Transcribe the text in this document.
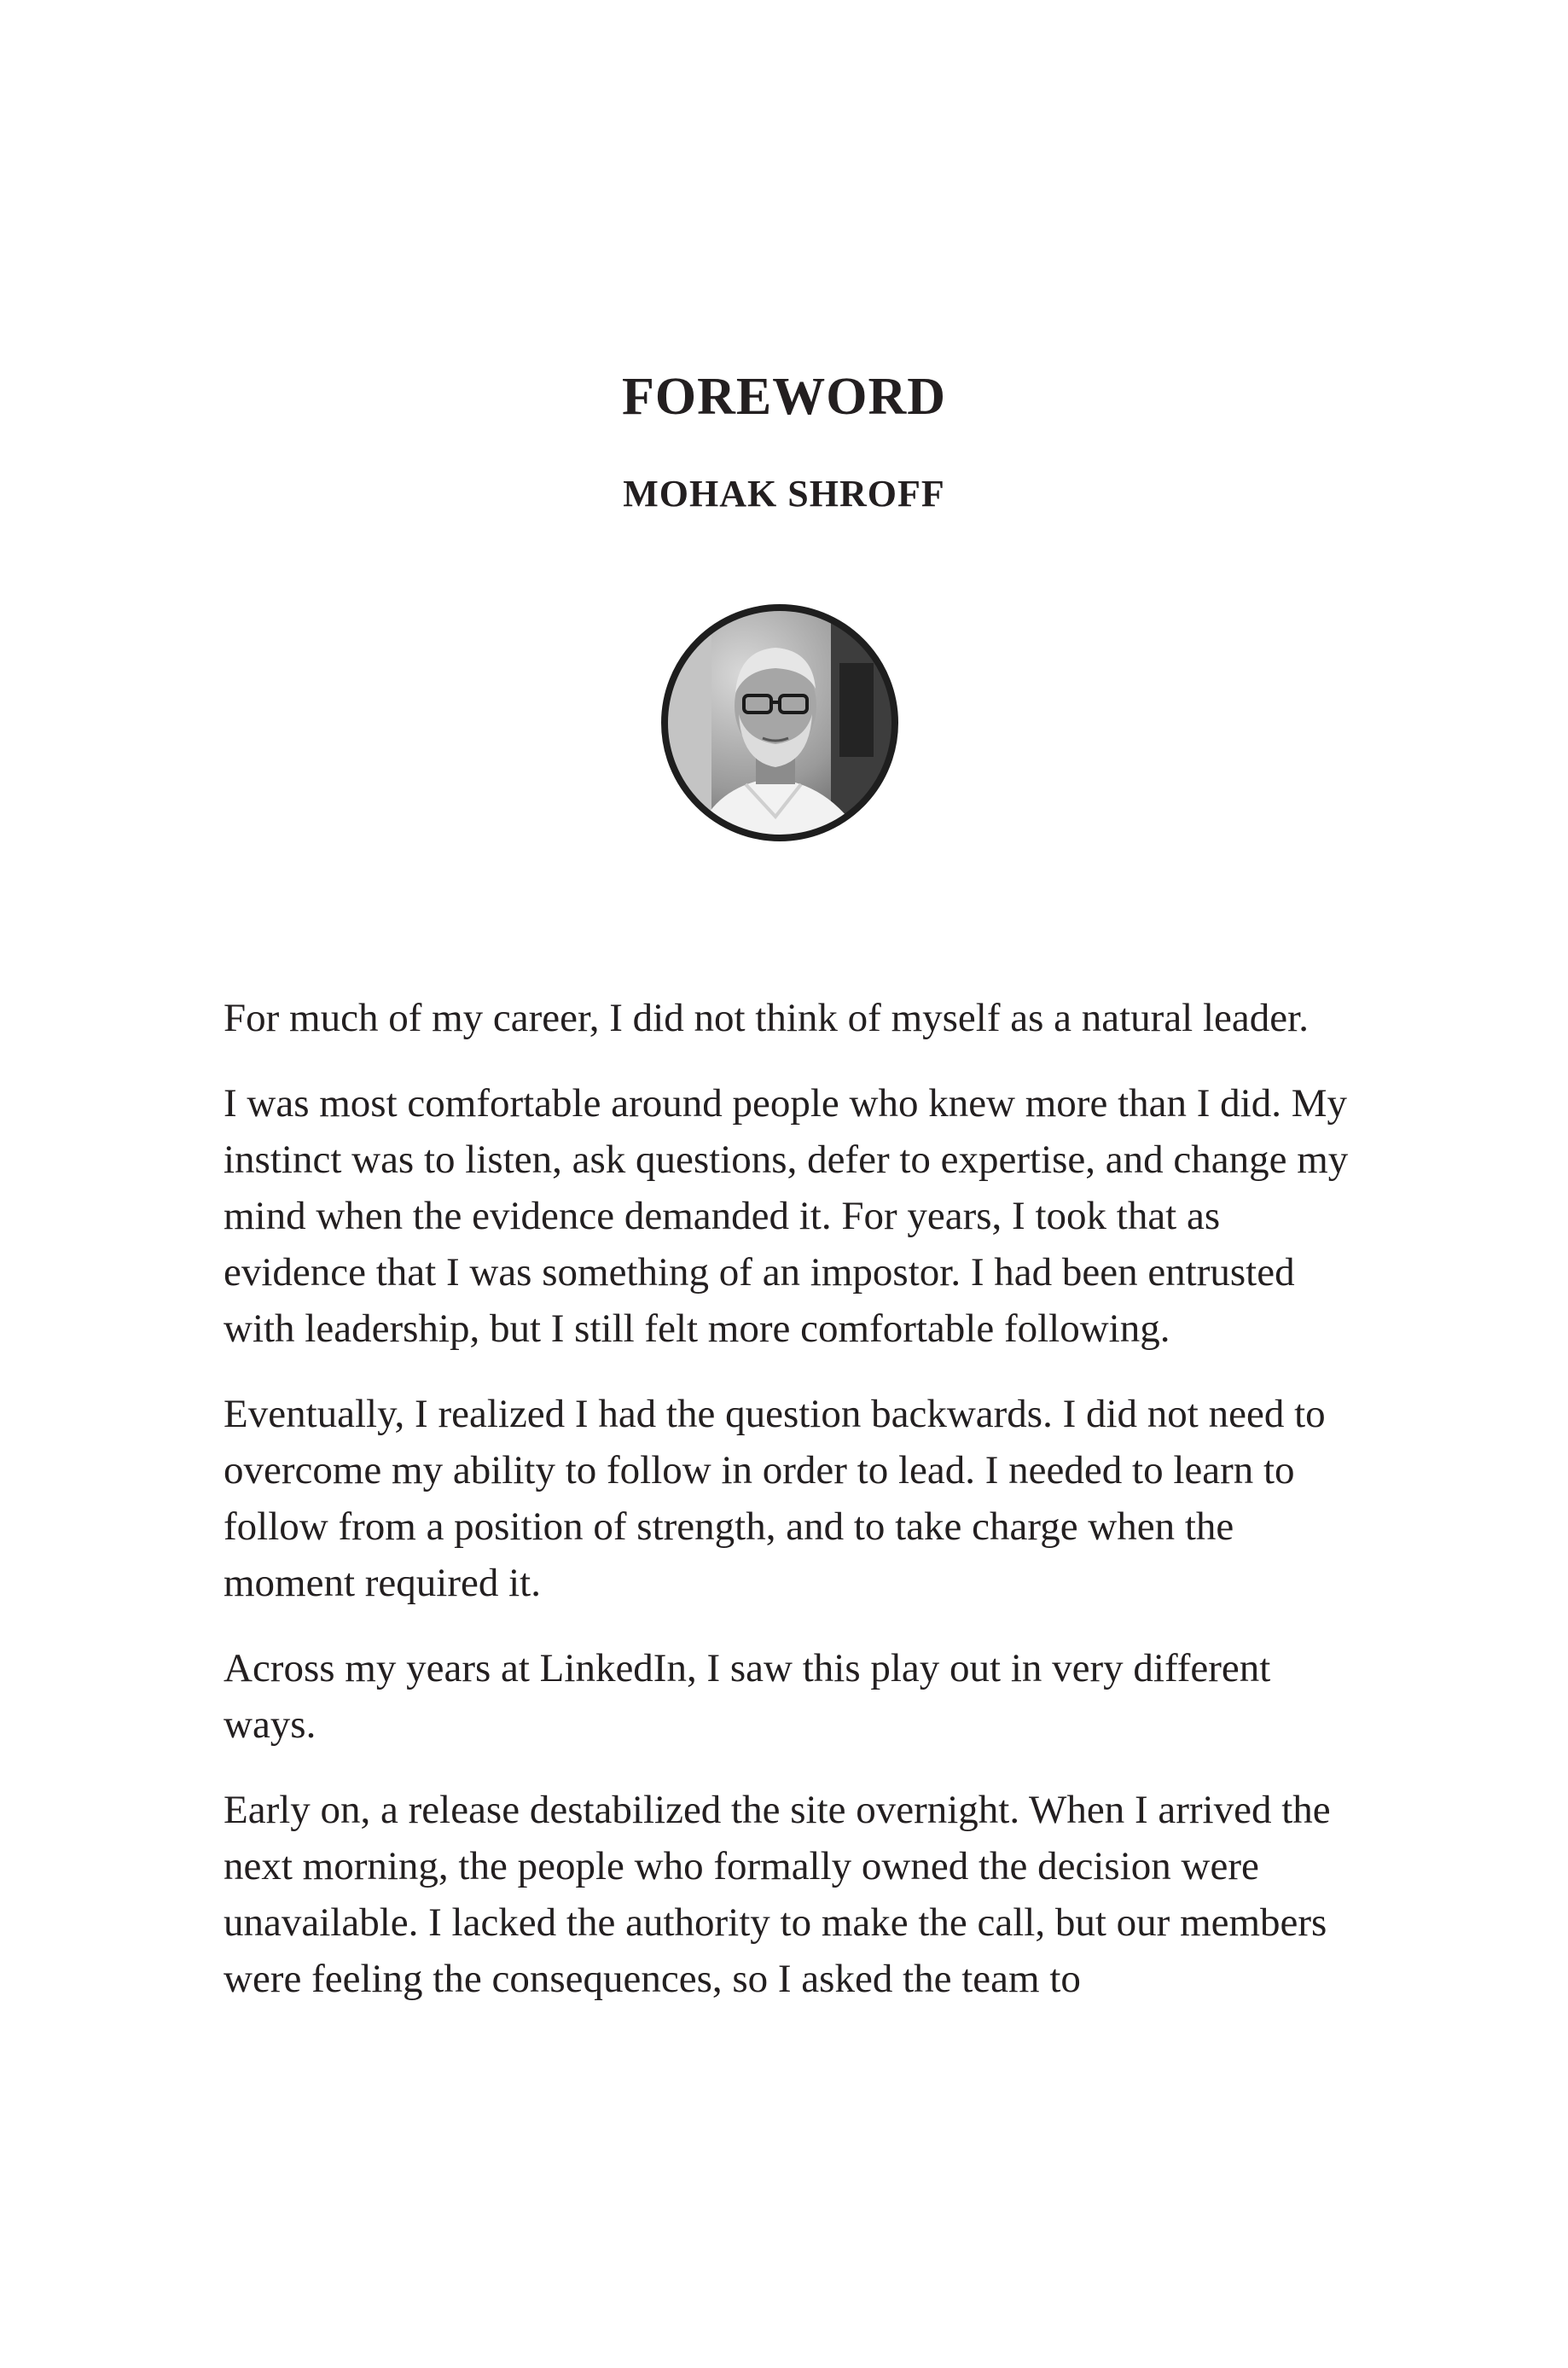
FOREWORD
MOHAK SHROFF

For much of my career, I did not think of myself as a natural leader.

I was most comfortable around people who knew more than I did. My instinct was to listen, ask questions, defer to expertise, and change my mind when the evidence demanded it. For years, I took that as evidence that I was something of an impostor. I had been entrusted with leadership, but I still felt more comfortable following.

Eventually, I realized I had the question backwards. I did not need to overcome my ability to follow in order to lead. I needed to learn to follow from a position of strength, and to take charge when the moment required it.

Across my years at LinkedIn, I saw this play out in very different ways.

Early on, a release destabilized the site overnight. When I arrived the next morning, the people who formally owned the decision were unavailable. I lacked the authority to make the call, but our members were feeling the consequences, so I asked the team to
